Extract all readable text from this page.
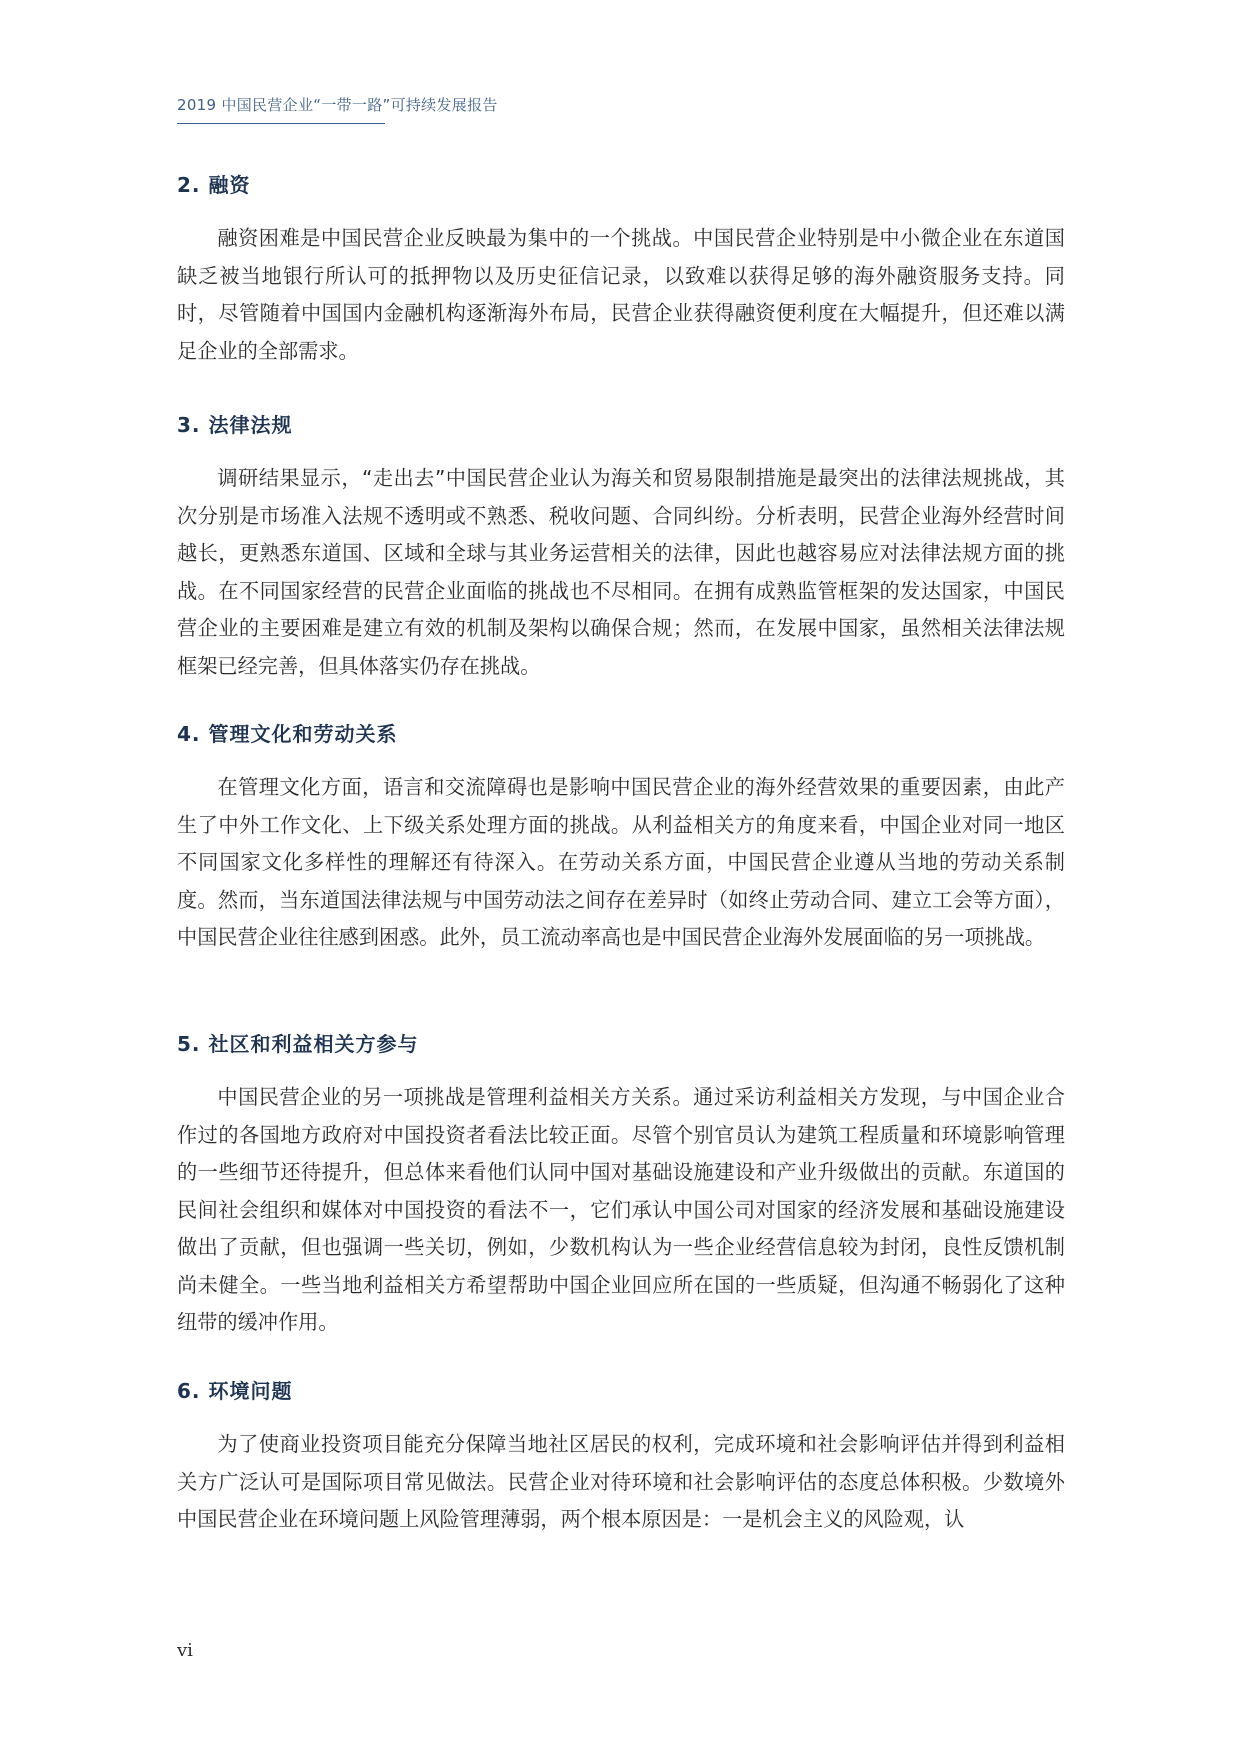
2019 中国民营企业“一带一路”可持续发展报告
2. 融资

融资困难是中国民营企业反映最为集中的一个挑战。中国民营企业特别是中小微企业在东道国缺乏被当地银行所认可的抵押物以及历史征信记录，以致难以获得足够的海外融资服务支持。同时，尽管随着中国国内金融机构逐渐海外布局，民营企业获得融资便利度在大幅提升，但还难以满足企业的全部需求。

3. 法律法规

调研结果显示，“走出去”中国民营企业认为海关和贸易限制措施是最突出的法律法规挑战，其次分别是市场准入法规不透明或不熟悉、税收问题、合同纠纷。分析表明，民营企业海外经营时间越长，更熟悉东道国、区域和全球与其业务运营相关的法律，因此也越容易应对法律法规方面的挑战。在不同国家经营的民营企业面临的挑战也不尽相同。在拥有成熟监管框架的发达国家，中国民营企业的主要困难是建立有效的机制及架构以确保合规；然而，在发展中国家，虽然相关法律法规框架已经完善，但具体落实仍存在挑战。

4. 管理文化和劳动关系

在管理文化方面，语言和交流障碍也是影响中国民营企业的海外经营效果的重要因素，由此产生了中外工作文化、上下级关系处理方面的挑战。从利益相关方的角度来看，中国企业对同一地区不同国家文化多样性的理解还有待深入。在劳动关系方面，中国民营企业遵从当地的劳动关系制度。然而，当东道国法律法规与中国劳动法之间存在差异时（如终止劳动合同、建立工会等方面），中国民营企业往往感到困惑。此外，员工流动率高也是中国民营企业海外发展面临的另一项挑战。

5. 社区和利益相关方参与

中国民营企业的另一项挑战是管理利益相关方关系。通过采访利益相关方发现，与中国企业合作过的各国地方政府对中国投资者看法比较正面。尽管个别官员认为建筑工程质量和环境影响管理的一些细节还待提升，但总体来看他们认同中国对基础设施建设和产业升级做出的贡献。东道国的民间社会组织和媒体对中国投资的看法不一，它们承认中国公司对国家的经济发展和基础设施建设做出了贡献，但也强调一些关切，例如，少数机构认为一些企业经营信息较为封闭，良性反馈机制尚未健全。一些当地利益相关方希望帮助中国企业回应所在国的一些质疑，但沟通不畅弱化了这种纽带的缓冲作用。

6. 环境问题

为了使商业投资项目能充分保障当地社区居民的权利，完成环境和社会影响评估并得到利益相关方广泛认可是国际项目常见做法。民营企业对待环境和社会影响评估的态度总体积极。少数境外中国民营企业在环境问题上风险管理薄弱，两个根本原因是：一是机会主义的风险观，认

vi
